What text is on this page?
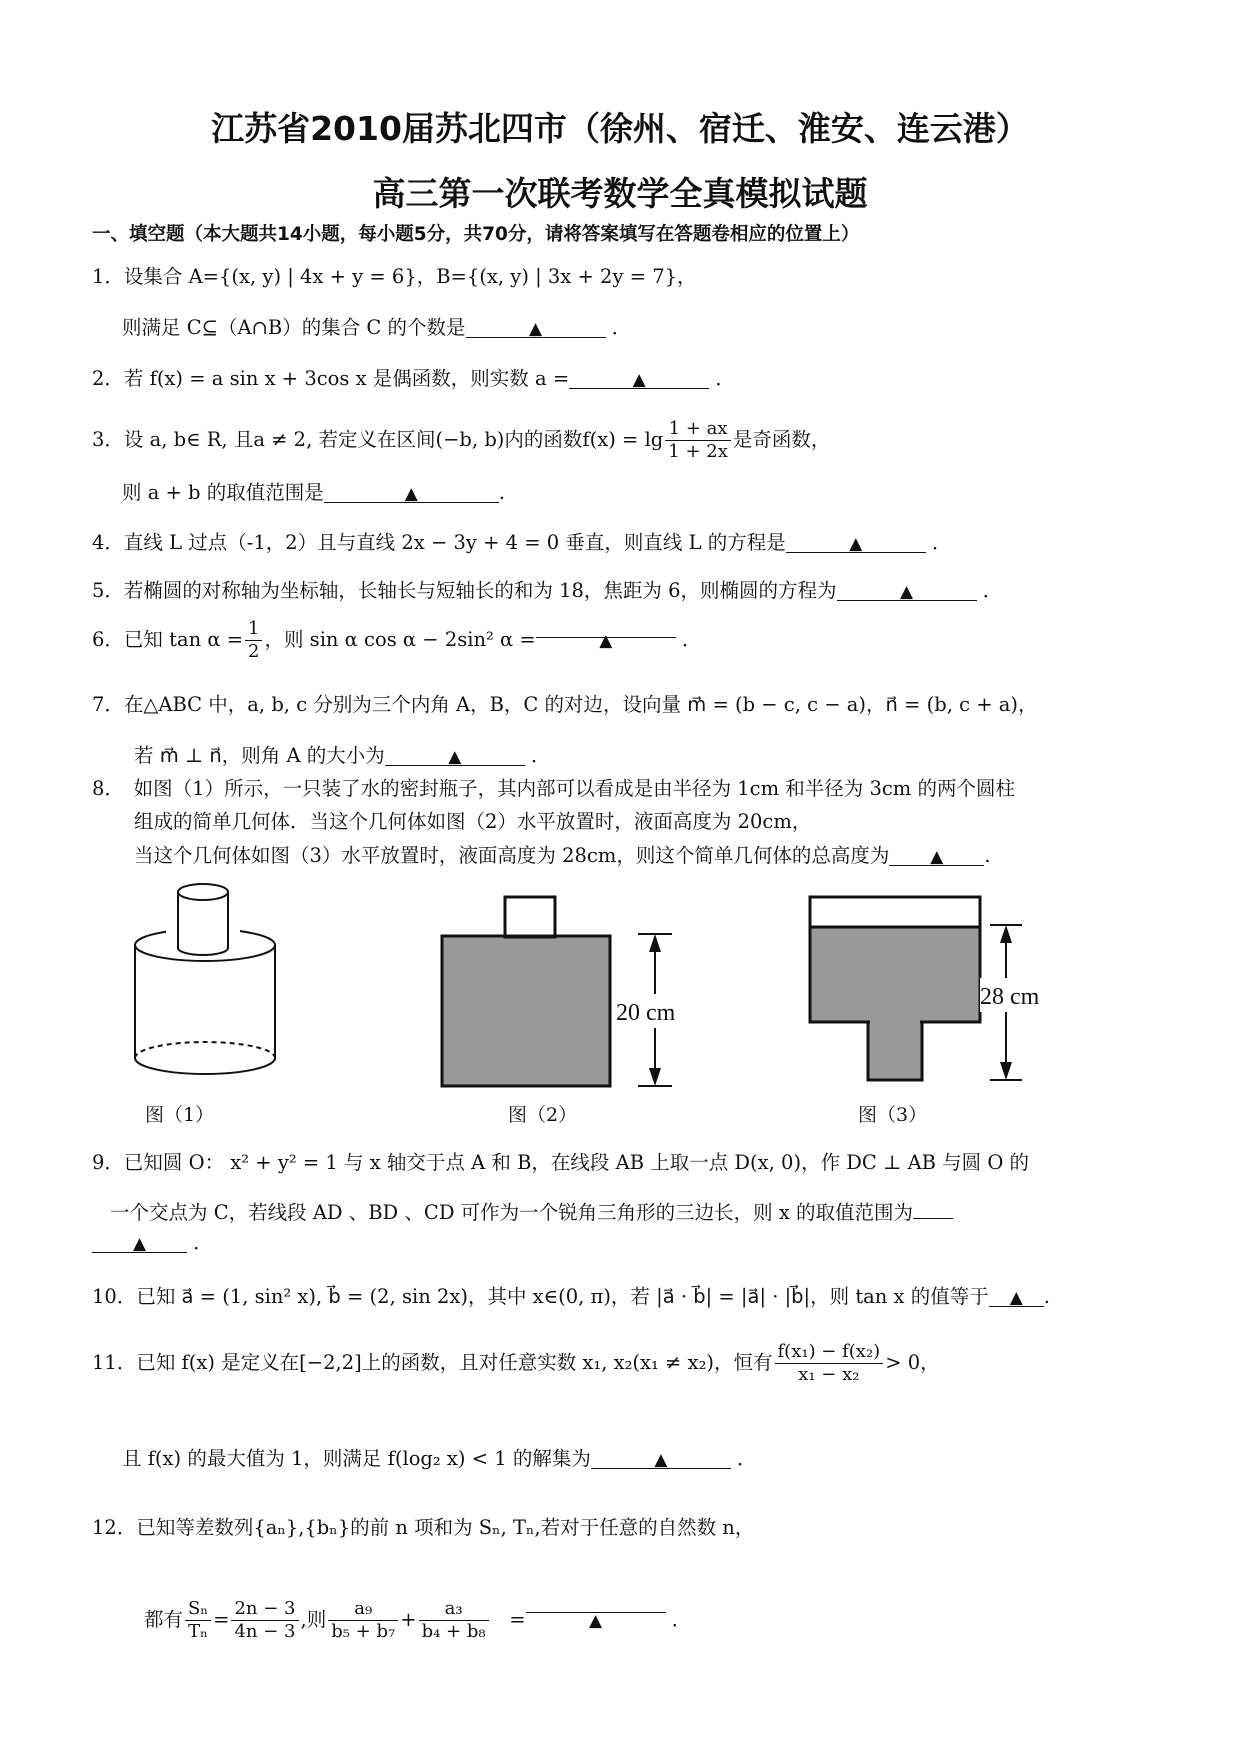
江苏省2010届苏北四市（徐州、宿迁、淮安、连云港）
高三第一次联考数学全真模拟试题
一、填空题（本大题共14小题，每小题5分，共70分，请将答案填写在答题卷相应的位置上）
1．设集合 A={(x, y) | 4x + y = 6}，B={(x, y) | 3x + 2y = 7}，
则满足 C⊆（A∩B）的集合 C 的个数是	▲	．
2．若 f(x) = a sin x + 3cos x 是偶函数，则实数 a =	▲	．
3．设 a, b∈ R, 且a ≠ 2, 若定义在区间(−b, b)内的函数$f(x) = \lg \frac{1 + ax}{1 + 2x}$ 是奇函数，
则 a + b 的取值范围是	▲	.
4．直线 L 过点（-1，2）且与直线 2x − 3y + 4 = 0 垂直，则直线 L 的方程是	▲	．
5．若椭圆的对称轴为坐标轴，长轴长与短轴长的和为 18，焦距为 6，则椭圆的方程为	▲	．
6．已知 $\tan \alpha = \frac{1}{2}$ ，则 sin α cos α − 2sin² α =	▲	．
7．在△ABC 中，a, b, c 分别为三个内角 A，B，C 的对边，设向量 m⃗ = (b − c, c − a)，n⃗ = (b, c + a)，
若 m⃗ ⊥ n⃗，则角 A 的大小为	▲	．
8．　如图（1）所示，一只装了水的密封瓶子，其内部可以看成是由半径为 1cm 和半径为 3cm 的两个圆柱
组成的简单几何体．当这个几何体如图（2）水平放置时，液面高度为 20cm，
当这个几何体如图（3）水平放置时，液面高度为 28cm，则这个简单几何体的总高度为 ▲ .
20 cm
28 cm
图（1）	图（2）	图（3）
9．已知圆 O： x² + y² = 1 与 x 轴交于点 A 和 B，在线段 AB 上取一点 D(x, 0)，作 DC ⊥ AB 与圆 O 的
一个交点为 C，若线段 AD 、BD 、CD 可作为一个锐角三角形的三边长，则 x 的取值范围为
▲ ．
10．已知 a⃗ = (1, sin² x), b⃗ = (2, sin 2x)，其中 x∈(0, π)，若 |a⃗ · b⃗| = |a⃗| · |b⃗|，则 tan x 的值等于 ▲ .
11．已知 f(x) 是定义在[−2,2]上的函数，且对任意实数 x₁, x₂(x₁ ≠ x₂)，恒有 $\frac{\text{f(x₁) − f(x₂)}}{\text{x₁ − x₂}} > 0$，
且 f(x) 的最大值为 1，则满足 f(log₂ x) < 1 的解集为	▲	．
12．已知等差数列{aₙ},{bₙ}的前 n 项和为 Sₙ, Tₙ,若对于任意的自然数 n，
都有 $\frac{\text{Sₙ}}{\text{Tₙ}} = \frac{2n - 3}{4n - 3}$ ,则 $\frac{\text{a₉}}{\text{b₅ + b₇}} + \frac{\text{a₃}}{\text{b₄ + b₈}}$ =	▲	．
